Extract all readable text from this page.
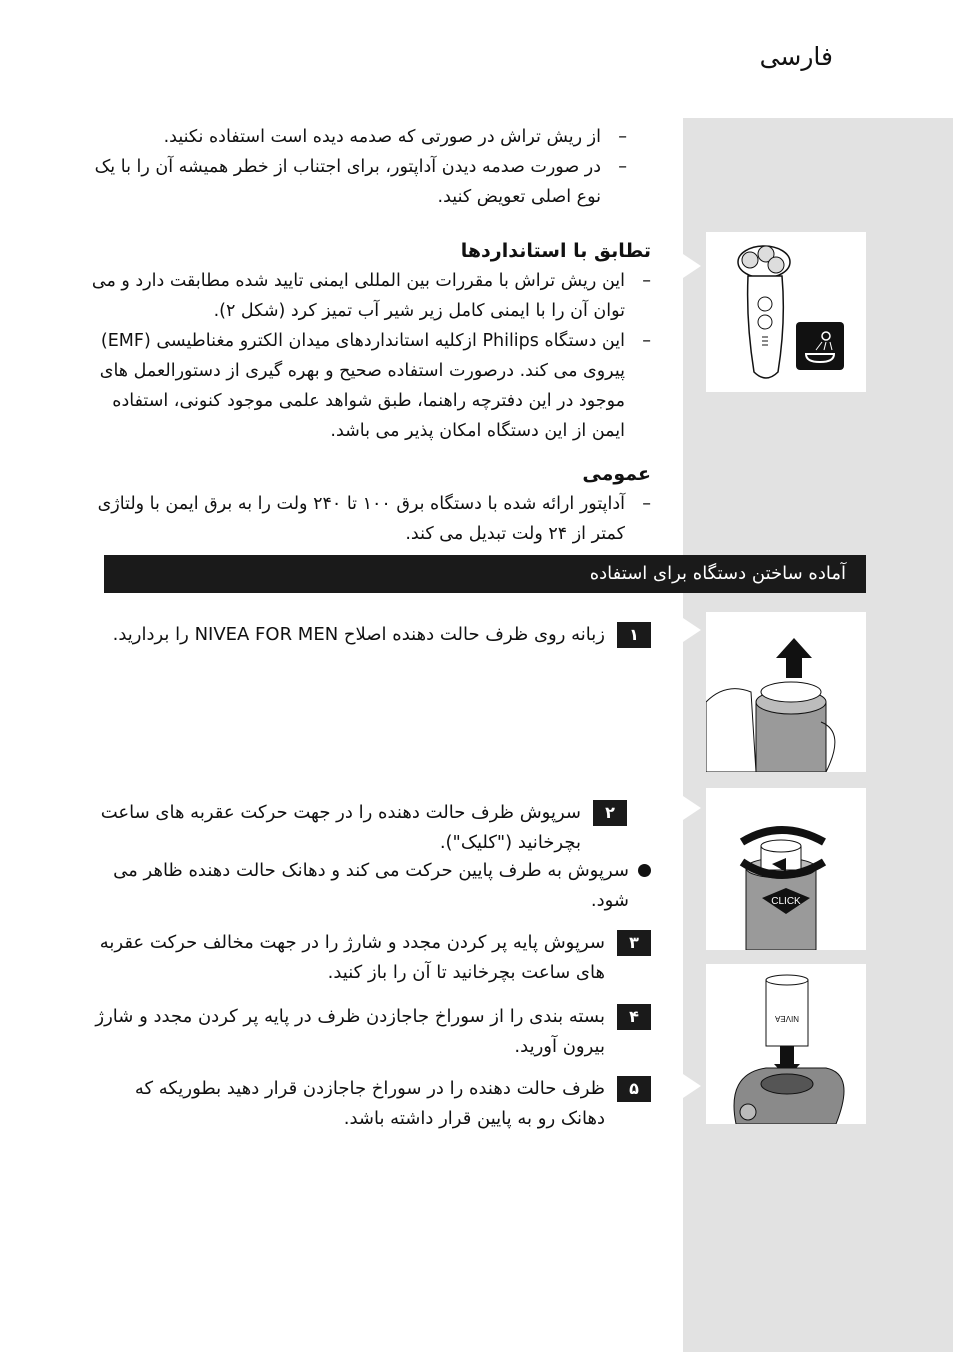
فارسی

– از ریش تراش در صورتی که صدمه دیده است استفاده نکنید.

– در صورت صدمه دیدن آداپتور، برای اجتناب از خطر همیشه آن را با یک نوع اصلی تعویض کنید.

تطابق با استانداردها

– این ریش تراش با مقررات بین المللی ایمنی تایید شده مطابقت دارد و می توان آن را با ایمنی کامل زیر شیر آب تمیز کرد (شکل ۲).

– این دستگاه Philips ازکلیه استانداردهای میدان الکترو مغناطیسی (EMF) پیروی می کند. درصورت استفاده صحیح و بهره گیری از دستورالعمل های موجود در این دفترچه راهنما، طبق شواهد علمی موجود کنونی، استفاده ایمن از این دستگاه امکان پذیر می باشد.

عمومی

– آداپتور ارائه شده با دستگاه برق ۱۰۰ تا ۲۴۰ ولت را به برق ایمن با ولتاژی کمتر از ۲۴ ولت تبدیل می کند.

آماده ساختن دستگاه برای استفاده
۱
زبانه روی ظرف حالت دهنده اصلاح NIVEA FOR MEN را بردارید.
۲
سرپوش ظرف حالت دهنده را در جهت حرکت عقربه های ساعت بچرخانید ("کلیک").

سرپوش به طرف پایین حرکت می کند و دهانک حالت دهنده ظاهر می شود.	CLICK
۳
سرپوش پایه پر کردن مجدد و شارژ را در جهت مخالف حرکت عقربه های ساعت بچرخانید تا آن را باز کنید.
۴
بسته بندی را از سوراخ جاجازدن ظرف در پایه پر کردن مجدد و شارژ بیرون آورید.
۵
ظرف حالت دهنده را در سوراخ جاجازدن قرار دهید بطوریکه که دهانک رو به پایین قرار داشته باشد.
NIVEA
